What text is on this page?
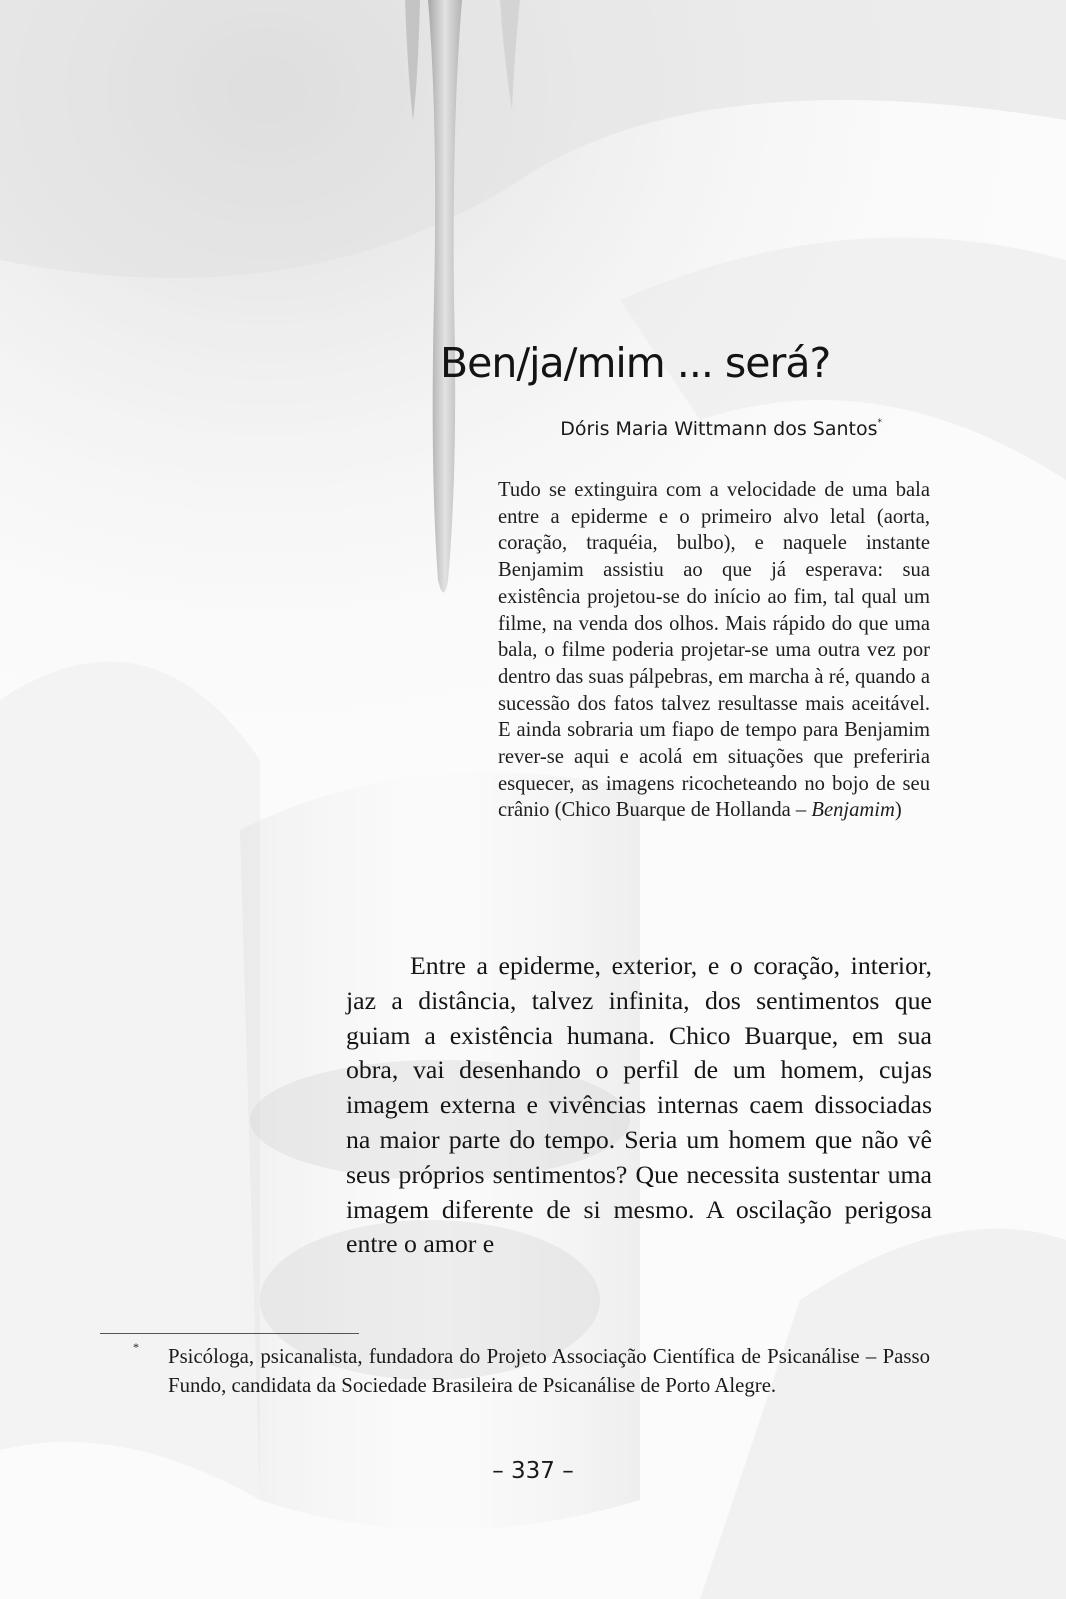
Ben/ja/mim ... será?
Dóris Maria Wittmann dos Santos*

Tudo se extinguira com a velocidade de uma bala entre a epiderme e o primeiro alvo letal (aorta, coração, traquéia, bulbo), e naquele instante Benjamim assistiu ao que já esperava: sua existência projetou-se do início ao fim, tal qual um filme, na venda dos olhos. Mais rápido do que uma bala, o filme poderia projetar-se uma outra vez por dentro das suas pálpebras, em marcha à ré, quando a sucessão dos fatos talvez resultasse mais aceitável. E ainda sobraria um fiapo de tempo para Benjamim rever-se aqui e acolá em situações que preferiria esquecer, as imagens ricocheteando no bojo de seu crânio (Chico Buarque de Hollanda – Benjamim)

Entre a epiderme, exterior, e o coração, interior, jaz a distância, talvez infinita, dos sentimentos que guiam a existência humana. Chico Buarque, em sua obra, vai desenhando o perfil de um homem, cujas imagem externa e vivências internas caem dissociadas na maior parte do tempo. Seria um homem que não vê seus próprios sentimentos? Que necessita sustentar uma imagem diferente de si mesmo. A oscilação perigosa entre o amor e

* Psicóloga, psicanalista, fundadora do Projeto Associação Científica de Psicanálise – Passo Fundo, candidata da Sociedade Brasileira de Psicanálise de Porto Alegre.

– 337 –
